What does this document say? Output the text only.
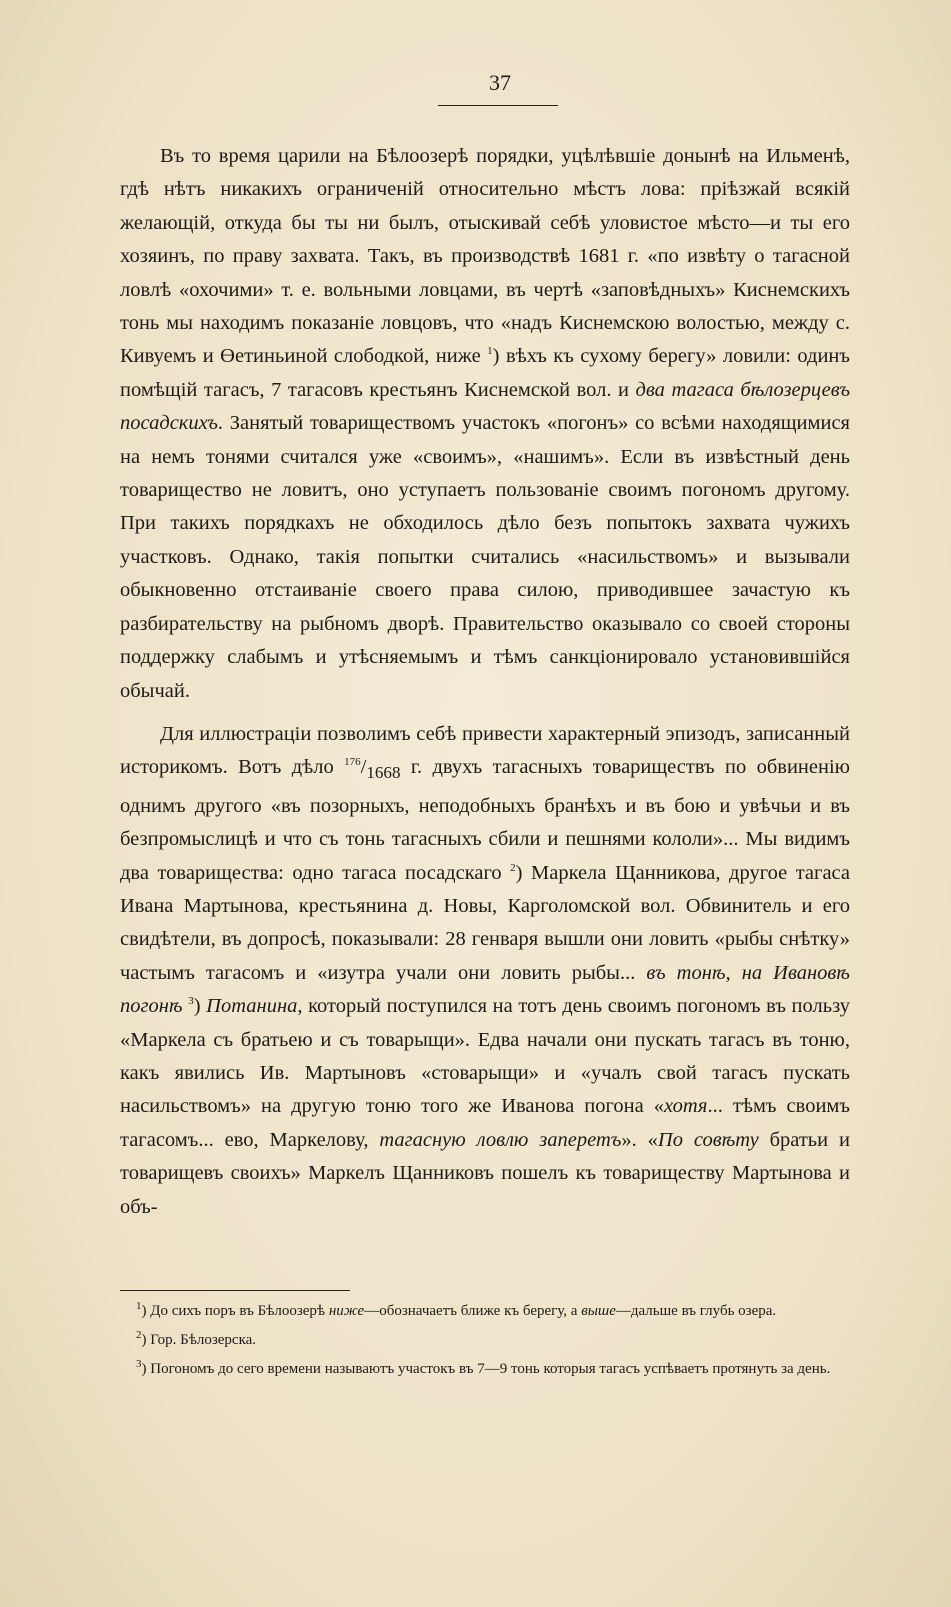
37

Въ то время царили на Бѣлоозерѣ порядки, уцѣлѣвшіе донынѣ на Ильменѣ, гдѣ нѣтъ никакихъ ограниченій относительно мѣстъ лова: пріѣзжай всякій желающій, откуда бы ты ни былъ, отыскивай себѣ уловистое мѣсто—и ты его хозяинъ, по праву захвата. Такъ, въ производствѣ 1681 г. «по извѣту о тагасной ловлѣ «охочими» т. е. вольными ловцами, въ чертѣ «заповѣдныхъ» Киснемскихъ тонь мы находимъ показаніе ловцовъ, что «надъ Киснемскою волостью, между с. Кивуемъ и Өетиньиной слободкой, ниже $^1$) вѣхъ къ сухому берегу» ловили: одинъ помѣщій тагасъ, 7 тагасовъ крестьянъ Киснемской вол. и два тагаса бѣлозерцевъ посадскихъ. Занятый товариществомъ участокъ «погонъ» со всѣми находящимися на немъ тонями считался уже «своимъ», «нашимъ». Если въ извѣстный день товарищество не ловитъ, оно уступаетъ пользованіе своимъ погономъ другому. При такихъ порядкахъ не обходилось дѣло безъ попытокъ захвата чужихъ участковъ. Однако, такія попытки считались «насильствомъ» и вызывали обыкновенно отстаиваніе своего права силою, приводившее зачастую къ разбирательству на рыбномъ дворѣ. Правительство оказывало со своей стороны поддержку слабымъ и утѣсняемымъ и тѣмъ санкціонировало установившійся обычай.

Для иллюстраціи позволимъ себѣ привести характерный эпизодъ, записанный историкомъ. Вотъ дѣло $^{176}/_{1668}$ г. двухъ тагасныхъ товариществъ по обвиненію однимъ другого «въ позорныхъ, неподобныхъ бранѣхъ и въ бою и увѣчьи и въ безпромыслицѣ и что съ тонь тагасныхъ сбили и пешнями кололи»... Мы видимъ два товарищества: одно тагаса посадскаго $^2$) Маркела Щанникова, другое тагаса Ивана Мартынова, крестьянина д. Новы, Карголомской вол. Обвинитель и его свидѣтели, въ допросѣ, показывали: 28 генваря вышли они ловить «рыбы снѣтку» частымъ тагасомъ и «изутра учали они ловить рыбы... въ тонѣ, на Ивановѣ погонѣ $^3$) Потанина, который поступился на тотъ день своимъ погономъ въ пользу «Маркела съ братьею и съ товарыщи». Едва начали они пускать тагасъ въ тоню, какъ явились Ив. Мартыновъ «стоварыщи» и «учалъ свой тагасъ пускать насильствомъ» на другую тоню того же Иванова погона «хотя... тѣмъ своимъ тагасомъ... ево, Маркелову, тагасную ловлю заперетъ». «По совѣту братьи и товарищевъ своихъ» Маркелъ Щанниковъ пошелъ къ товариществу Мартынова и объ-

$^1$) До сихъ поръ въ Бѣлоозерѣ ниже—обозначаетъ ближе къ берегу, а выше—дальше въ глубь озера.

$^2$) Гор. Бѣлозерска.

$^3$) Погономъ до сего времени называютъ участокъ въ 7—9 тонь которыя тагасъ успѣваетъ протянуть за день.
